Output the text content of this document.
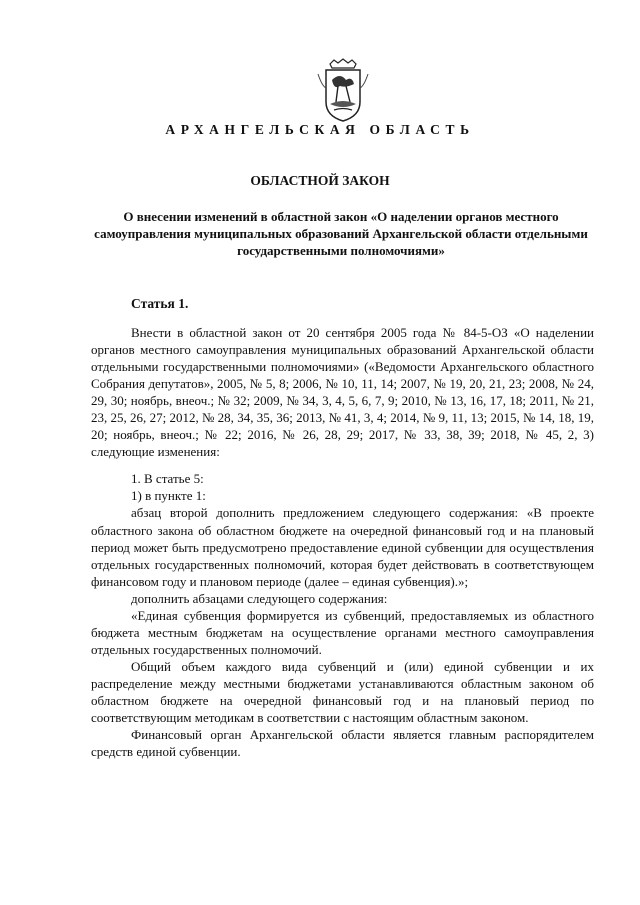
АРХАНГЕЛЬСКАЯ ОБЛАСТЬ
ОБЛАСТНОЙ ЗАКОН
О внесении изменений в областной закон «О наделении органов местного самоуправления муниципальных образований Архангельской области отдельными государственными полномочиями»
Статья 1.

Внести в областной закон от 20 сентября 2005 года № 84-5-ОЗ «О наделении органов местного самоуправления муниципальных образований Архангельской области отдельными государственными полномочиями» («Ведомости Архангельского областного Собрания депутатов», 2005, № 5, 8; 2006, № 10, 11, 14; 2007, № 19, 20, 21, 23; 2008, № 24, 29, 30; ноябрь, внеоч.; № 32; 2009, № 34, 3, 4, 5, 6, 7, 9; 2010, № 13, 16, 17, 18; 2011, № 21, 23, 25, 26, 27; 2012, № 28, 34, 35, 36; 2013, № 41, 3, 4; 2014, № 9, 11, 13; 2015, № 14, 18, 19, 20; ноябрь, внеоч.; № 22; 2016, № 26, 28, 29; 2017, № 33, 38, 39; 2018, № 45, 2, 3) следующие изменения:

1. В статье 5:

1) в пункте 1:

абзац второй дополнить предложением следующего содержания: «В проекте областного закона об областном бюджете на очередной финансовый год и на плановый период может быть предусмотрено предоставление единой субвенции для осуществления отдельных государственных полномочий, которая будет действовать в соответствующем финансовом году и плановом периоде (далее – единая субвенция).»;

дополнить абзацами следующего содержания:

«Единая субвенция формируется из субвенций, предоставляемых из областного бюджета местным бюджетам на осуществление органами местного самоуправления отдельных государственных полномочий.

Общий объем каждого вида субвенций и (или) единой субвенции и их распределение между местными бюджетами устанавливаются областным законом об областном бюджете на очередной финансовый год и на плановый период по соответствующим методикам в соответствии с настоящим областным законом.

Финансовый орган Архангельской области является главным распорядителем средств единой субвенции.
